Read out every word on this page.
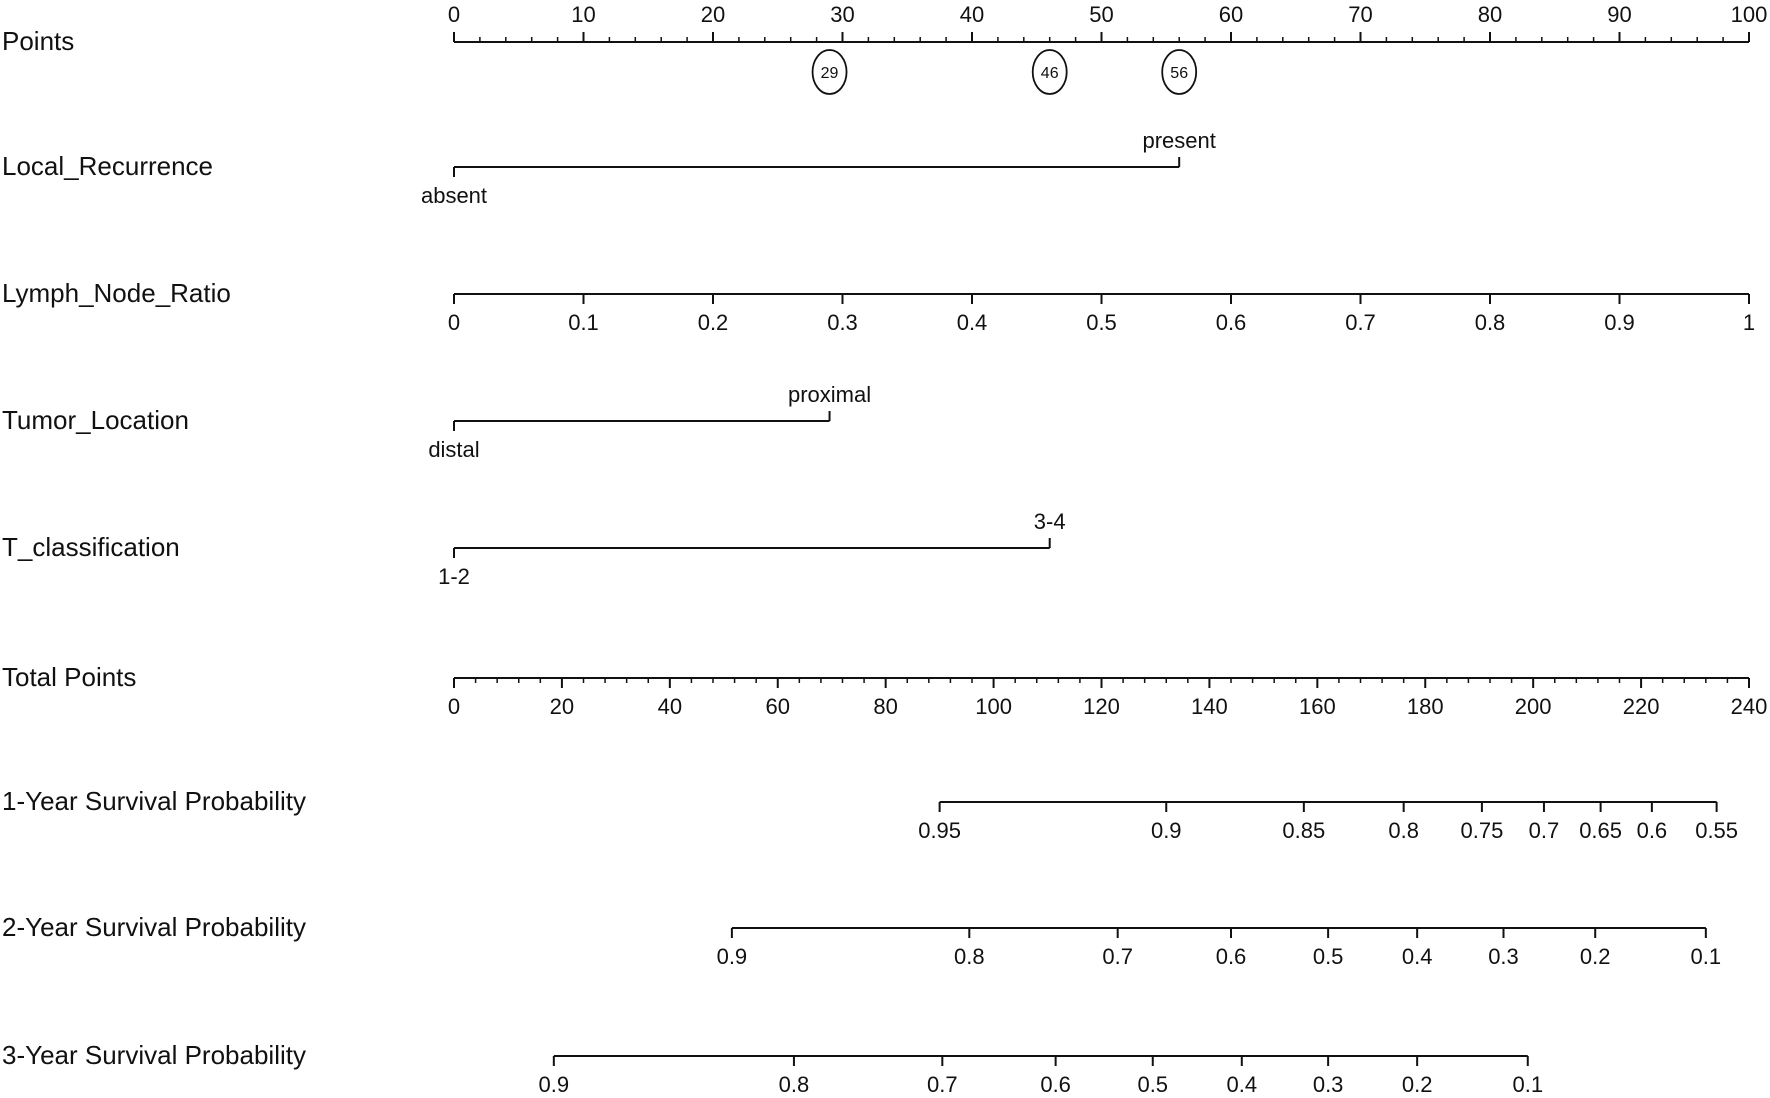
Points
0	10	20	30	40	50	60	70	80	90	100
29	46	56
Local_Recurrence
absent
present
Lymph_Node_Ratio
0	0.1	0.2	0.3	0.4	0.5	0.6	0.7	0.8	0.9	1
Tumor_Location
distal
proximal
T_classification
1-2
3-4
Total Points
0	20	40	60	80	100	120	140	160	180	200	220	240
1-Year Survival Probability
0.95	0.9	0.85	0.8 0.75 0.7 0.65 0.6 0.55
2-Year Survival Probability
0.9	0.8	0.7	0.6	0.5	0.4	0.3	0.2	0.1
3-Year Survival Probability
0.9	0.8	0.7	0.6	0.5	0.4	0.3	0.2	0.1
